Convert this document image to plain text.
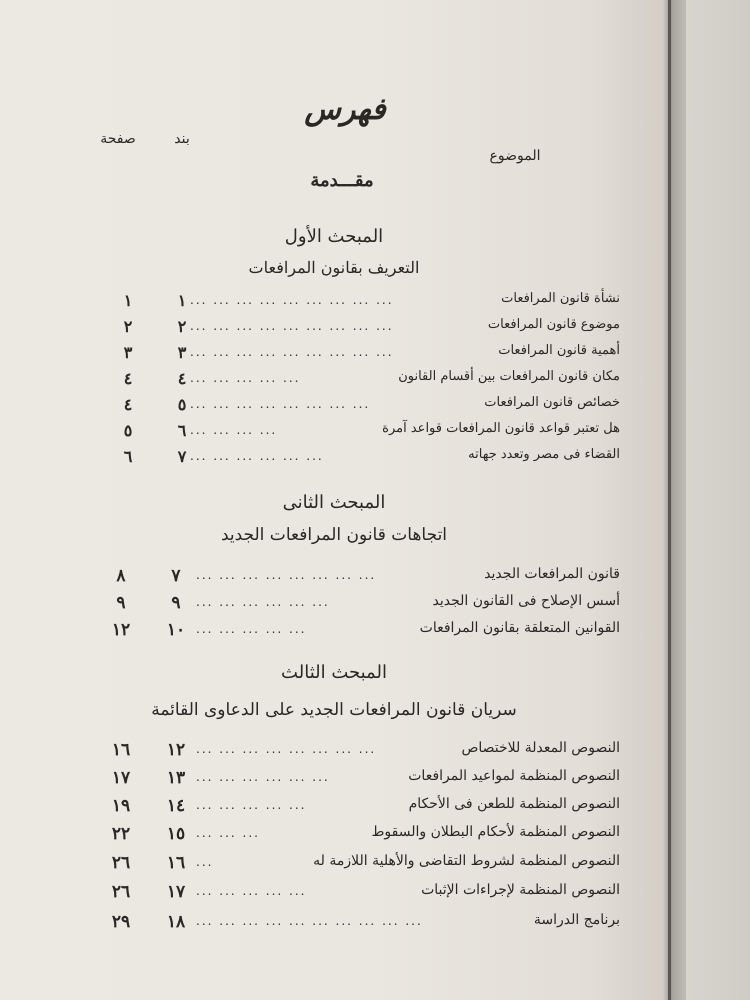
فهرس
الموضوع
بند
صفحة
مقـــدمة
المبحث الأول
التعريف بقانون المرافعات
نشأة قانون المرافعات
... ... ... ... ... ... ... ... ...
١
١
موضوع قانون المرافعات
... ... ... ... ... ... ... ... ...
٢
٢
أهمية قانون المرافعات
... ... ... ... ... ... ... ... ...
٣
٣
مكان قانون المرافعات بين أقسام القانون
... ... ... ... ...
٤
٤
خصائص قانون المرافعات
... ... ... ... ... ... ... ...
٥
٤
هل تعتبر قواعد قانون المرافعات قواعد آمرة
... ... ... ...
٦
٥
القضاء فى مصر وتعدد جهاته
... ... ... ... ... ...
٧
٦
المبحث الثانى
اتجاهات قانون المرافعات الجديد
قانون المرافعات الجديد
... ... ... ... ... ... ... ...
٧
٨
أسس الإصلاح فى القانون الجديد
... ... ... ... ... ...
٩
٩
القوانين المتعلقة بقانون المرافعات
... ... ... ... ...
١٠
١٢
المبحث الثالث
سريان قانون المرافعات الجديد على الدعاوى القائمة
النصوص المعدلة للاختصاص
... ... ... ... ... ... ... ...
١٢
١٦
النصوص المنظمة لمواعيد المرافعات
... ... ... ... ... ...
١٣
١٧
النصوص المنظمة للطعن فى الأحكام
... ... ... ... ...
١٤
١٩
النصوص المنظمة لأحكام البطلان والسقوط
... ... ...
١٥
٢٢
النصوص المنظمة لشروط التقاضى والأهلية اللازمة له
...
١٦
٢٦
النصوص المنظمة لإجراءات الإثبات
... ... ... ... ...
١٧
٢٦
برنامج الدراسة
... ... ... ... ... ... ... ... ... ...
١٨
٢٩
